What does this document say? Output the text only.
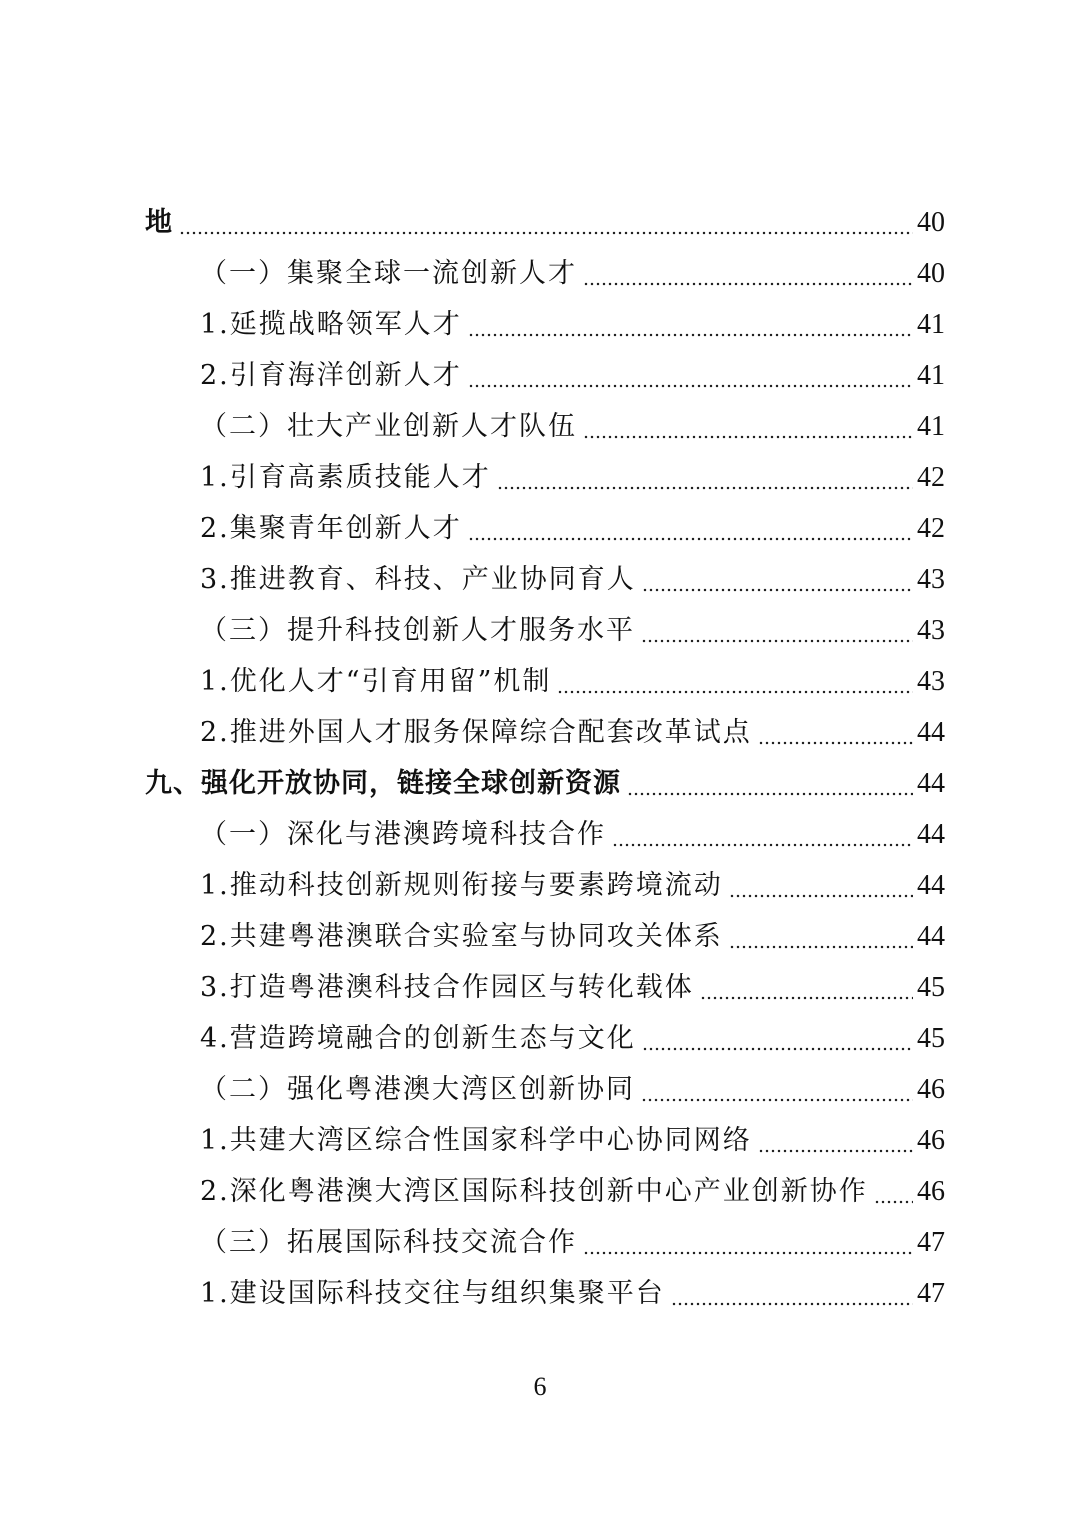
地	40
（一）集聚全球一流创新人才	40
1.延揽战略领军人才	41
2.引育海洋创新人才	41
（二）壮大产业创新人才队伍	41
1.引育高素质技能人才	42
2.集聚青年创新人才	42
3.推进教育、科技、产业协同育人	43
（三）提升科技创新人才服务水平	43
1.优化人才“引育用留”机制	43
2.推进外国人才服务保障综合配套改革试点	44
九、强化开放协同，链接全球创新资源	44
（一）深化与港澳跨境科技合作	44
1.推动科技创新规则衔接与要素跨境流动	44
2.共建粤港澳联合实验室与协同攻关体系	44
3.打造粤港澳科技合作园区与转化载体	45
4.营造跨境融合的创新生态与文化	45
（二）强化粤港澳大湾区创新协同	46
1.共建大湾区综合性国家科学中心协同网络	46
2.深化粤港澳大湾区国际科技创新中心产业创新协作 46
（三）拓展国际科技交流合作	47
1.建设国际科技交往与组织集聚平台	47
6
